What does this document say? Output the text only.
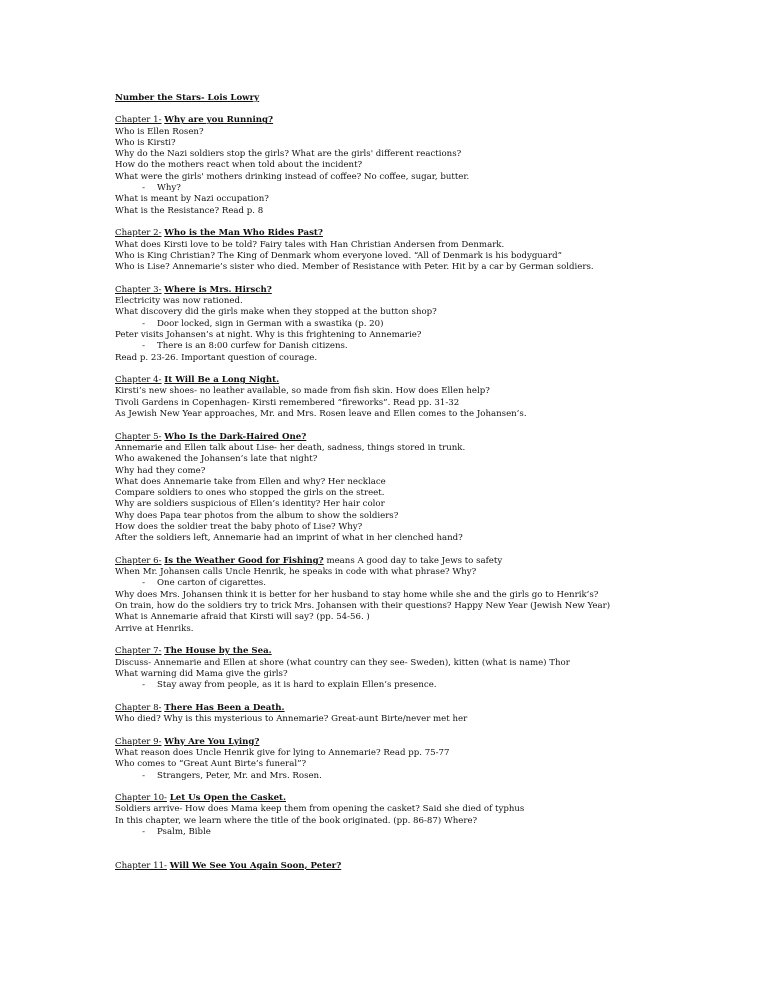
Number the Stars- Lois Lowry

Chapter 1- Why are you Running?

Who is Ellen Rosen?

Who is Kirsti?

Why do the Nazi soldiers stop the girls? What are the girls' different reactions?

How do the mothers react when told about the incident?

What were the girls' mothers drinking instead of coffee? No coffee, sugar, butter.

- Why?

What is meant by Nazi occupation?

What is the Resistance? Read p. 8

Chapter 2- Who is the Man Who Rides Past?

What does Kirsti love to be told? Fairy tales with Han Christian Andersen from Denmark.

Who is King Christian? The King of Denmark whom everyone loved. “All of Denmark is his bodyguard”

Who is Lise? Annemarie’s sister who died. Member of Resistance with Peter. Hit by a car by German soldiers.

Chapter 3- Where is Mrs. Hirsch?

Electricity was now rationed.

What discovery did the girls make when they stopped at the button shop?

- Door locked, sign in German with a swastika (p. 20)

Peter visits Johansen’s at night. Why is this frightening to Annemarie?

- There is an 8:00 curfew for Danish citizens.

Read p. 23-26. Important question of courage.

Chapter 4- It Will Be a Long Night.

Kirsti’s new shoes- no leather available, so made from fish skin. How does Ellen help?

Tivoli Gardens in Copenhagen- Kirsti remembered “fireworks”. Read pp. 31-32

As Jewish New Year approaches, Mr. and Mrs. Rosen leave and Ellen comes to the Johansen’s.

Chapter 5- Who Is the Dark-Haired One?

Annemarie and Ellen talk about Lise- her death, sadness, things stored in trunk.

Who awakened the Johansen’s late that night?

Why had they come?

What does Annemarie take from Ellen and why? Her necklace

Compare soldiers to ones who stopped the girls on the street.

Why are soldiers suspicious of Ellen’s identity? Her hair color

Why does Papa tear photos from the album to show the soldiers?

How does the soldier treat the baby photo of Lise? Why?

After the soldiers left, Annemarie had an imprint of what in her clenched hand?

Chapter 6- Is the Weather Good for Fishing? means A good day to take Jews to safety

When Mr. Johansen calls Uncle Henrik, he speaks in code with what phrase? Why?

- One carton of cigarettes.

Why does Mrs. Johansen think it is better for her husband to stay home while she and the girls go to Henrik’s?

On train, how do the soldiers try to trick Mrs. Johansen with their questions? Happy New Year (Jewish New Year)

What is Annemarie afraid that Kirsti will say? (pp. 54-56. )

Arrive at Henriks.

Chapter 7- The House by the Sea.

Discuss- Annemarie and Ellen at shore (what country can they see- Sweden), kitten (what is name) Thor

What warning did Mama give the girls?

- Stay away from people, as it is hard to explain Ellen’s presence.

Chapter 8- There Has Been a Death.

Who died? Why is this mysterious to Annemarie? Great-aunt Birte/never met her

Chapter 9- Why Are You Lying?

What reason does Uncle Henrik give for lying to Annemarie? Read pp. 75-77

Who comes to “Great Aunt Birte’s funeral”?

- Strangers, Peter, Mr. and Mrs. Rosen.

Chapter 10- Let Us Open the Casket.

Soldiers arrive- How does Mama keep them from opening the casket? Said she died of typhus

In this chapter, we learn where the title of the book originated. (pp. 86-87) Where?

- Psalm, Bible

Chapter 11- Will We See You Again Soon, Peter?
